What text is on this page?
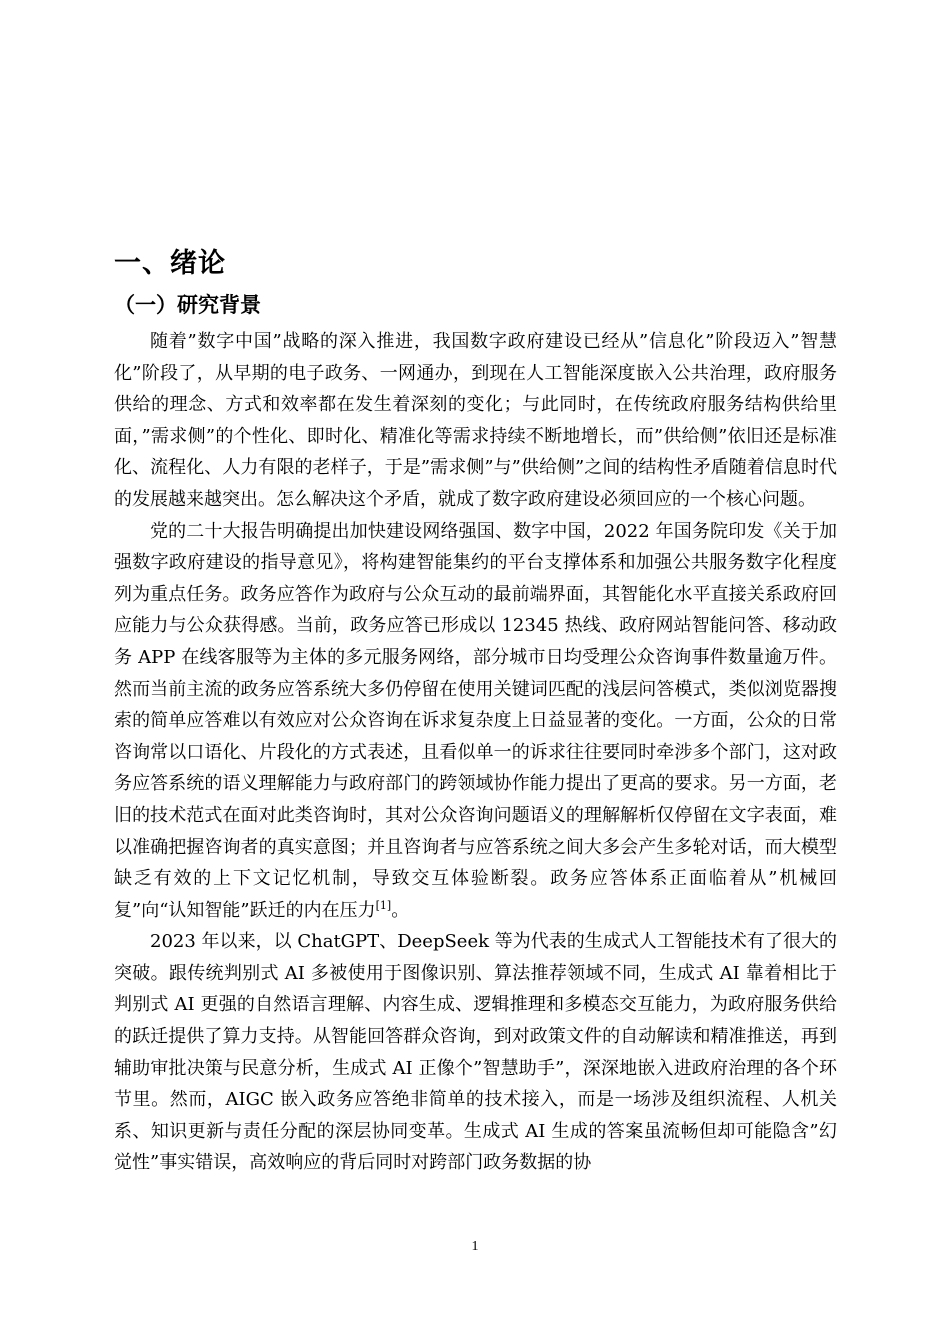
一、绪论
（一）研究背景

随着”数字中国”战略的深入推进，我国数字政府建设已经从”信息化”阶段迈入”智慧化”阶段了，从早期的电子政务、一网通办，到现在人工智能深度嵌入公共治理，政府服务供给的理念、方式和效率都在发生着深刻的变化；与此同时，在传统政府服务结构供给里面，”需求侧”的个性化、即时化、精准化等需求持续不断地增长，而”供给侧”依旧还是标准化、流程化、人力有限的老样子，于是”需求侧”与”供给侧”之间的结构性矛盾随着信息时代的发展越来越突出。怎么解决这个矛盾，就成了数字政府建设必须回应的一个核心问题。

党的二十大报告明确提出加快建设网络强国、数字中国，2022 年国务院印发《关于加强数字政府建设的指导意见》，将构建智能集约的平台支撑体系和加强公共服务数字化程度列为重点任务。政务应答作为政府与公众互动的最前端界面，其智能化水平直接关系政府回应能力与公众获得感。当前，政务应答已形成以 12345 热线、政府网站智能问答、移动政务 APP 在线客服等为主体的多元服务网络，部分城市日均受理公众咨询事件数量逾万件。然而当前主流的政务应答系统大多仍停留在使用关键词匹配的浅层问答模式，类似浏览器搜索的简单应答难以有效应对公众咨询在诉求复杂度上日益显著的变化。一方面，公众的日常咨询常以口语化、片段化的方式表述，且看似单一的诉求往往要同时牵涉多个部门，这对政务应答系统的语义理解能力与政府部门的跨领域协作能力提出了更高的要求。另一方面，老旧的技术范式在面对此类咨询时，其对公众咨询问题语义的理解解析仅停留在文字表面，难以准确把握咨询者的真实意图；并且咨询者与应答系统之间大多会产生多轮对话，而大模型缺乏有效的上下文记忆机制，导致交互体验断裂。政务应答体系正面临着从”机械回复”向“认知智能”跃迁的内在压力[1]。

2023 年以来，以 ChatGPT、DeepSeek 等为代表的生成式人工智能技术有了很大的突破。跟传统判别式 AI 多被使用于图像识别、算法推荐领域不同，生成式 AI 靠着相比于判别式 AI 更强的自然语言理解、内容生成、逻辑推理和多模态交互能力，为政府服务供给的跃迁提供了算力支持。从智能回答群众咨询，到对政策文件的自动解读和精准推送，再到辅助审批决策与民意分析，生成式 AI 正像个”智慧助手”，深深地嵌入进政府治理的各个环节里。然而，AIGC 嵌入政务应答绝非简单的技术接入，而是一场涉及组织流程、人机关系、知识更新与责任分配的深层协同变革。生成式 AI 生成的答案虽流畅但却可能隐含”幻觉性”事实错误，高效响应的背后同时对跨部门政务数据的协

1
